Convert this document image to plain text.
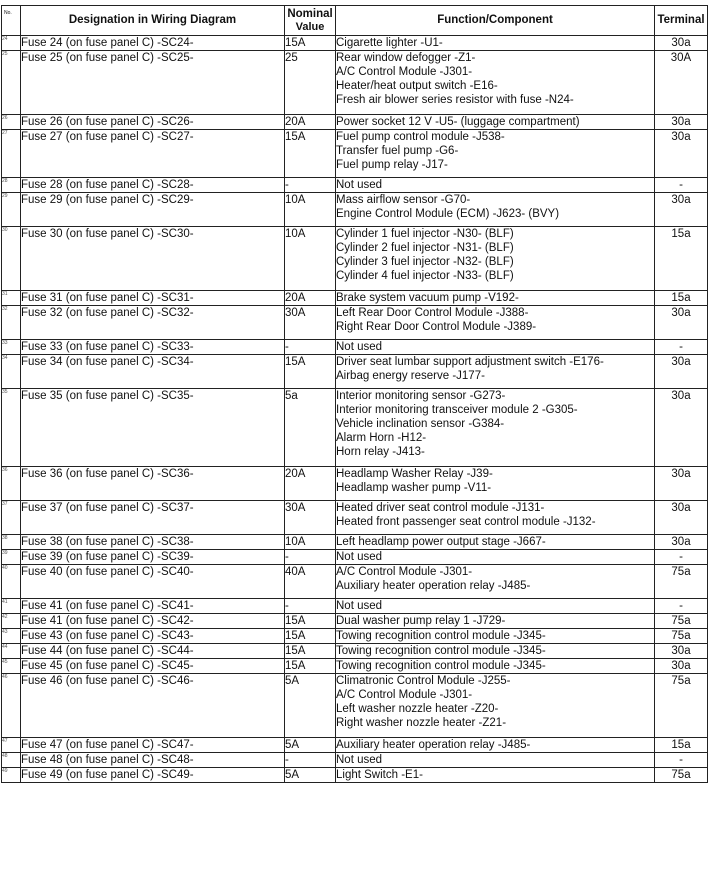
No.	Designation in Wiring Diagram	Nominal
Value	Function/Component	Terminal
24	Fuse 24 (on fuse panel C) -SC24-	15A	Cigarette lighter -U1-	30a
25	Fuse 25 (on fuse panel C) -SC25-	25	Rear window defogger -Z1-
A/C Control Module -J301-
Heater/heat output switch -E16-
Fresh air blower series resistor with fuse -N24-	30A
26	Fuse 26 (on fuse panel C) -SC26-	20A	Power socket 12 V -U5- (luggage compartment)	30a
27	Fuse 27 (on fuse panel C) -SC27-	15A	Fuel pump control module -J538-
Transfer fuel pump -G6-
Fuel pump relay -J17-	30a
28	Fuse 28 (on fuse panel C) -SC28-	-	Not used	-
29	Fuse 29 (on fuse panel C) -SC29-	10A	Mass airflow sensor -G70-
Engine Control Module (ECM) -J623- (BVY)	30a
30	Fuse 30 (on fuse panel C) -SC30-	10A	Cylinder 1 fuel injector -N30- (BLF)
Cylinder 2 fuel injector -N31- (BLF)
Cylinder 3 fuel injector -N32- (BLF)
Cylinder 4 fuel injector -N33- (BLF)	15a
31	Fuse 31 (on fuse panel C) -SC31-	20A	Brake system vacuum pump -V192-	15a
32	Fuse 32 (on fuse panel C) -SC32-	30A	Left Rear Door Control Module -J388-
Right Rear Door Control Module -J389-	30a
33	Fuse 33 (on fuse panel C) -SC33-	-	Not used	-
34	Fuse 34 (on fuse panel C) -SC34-	15A	Driver seat lumbar support adjustment switch -E176-
Airbag energy reserve -J177-	30a
35	Fuse 35 (on fuse panel C) -SC35-	5a	Interior monitoring sensor -G273-
Interior monitoring transceiver module 2 -G305-
Vehicle inclination sensor -G384-
Alarm Horn -H12-
Horn relay -J413-	30a
36	Fuse 36 (on fuse panel C) -SC36-	20A	Headlamp Washer Relay -J39-
Headlamp washer pump -V11-	30a
37	Fuse 37 (on fuse panel C) -SC37-	30A	Heated driver seat control module -J131-
Heated front passenger seat control module -J132-	30a
38	Fuse 38 (on fuse panel C) -SC38-	10A	Left headlamp power output stage -J667-	30a
39	Fuse 39 (on fuse panel C) -SC39-	-	Not used	-
40	Fuse 40 (on fuse panel C) -SC40-	40A	A/C Control Module -J301-
Auxiliary heater operation relay -J485-	75a
41	Fuse 41 (on fuse panel C) -SC41-	-	Not used	-
42	Fuse 41 (on fuse panel C) -SC42-	15A	Dual washer pump relay 1 -J729-	75a
43	Fuse 43 (on fuse panel C) -SC43-	15A	Towing recognition control module -J345-	75a
44	Fuse 44 (on fuse panel C) -SC44-	15A	Towing recognition control module -J345-	30a
45	Fuse 45 (on fuse panel C) -SC45-	15A	Towing recognition control module -J345-	30a
46	Fuse 46 (on fuse panel C) -SC46-	5A	Climatronic Control Module -J255-
A/C Control Module -J301-
Left washer nozzle heater -Z20-
Right washer nozzle heater -Z21-	75a
47	Fuse 47 (on fuse panel C) -SC47-	5A	Auxiliary heater operation relay -J485-	15a
48	Fuse 48 (on fuse panel C) -SC48-	-	Not used	-
49	Fuse 49 (on fuse panel C) -SC49-	5A	Light Switch -E1-	75a
